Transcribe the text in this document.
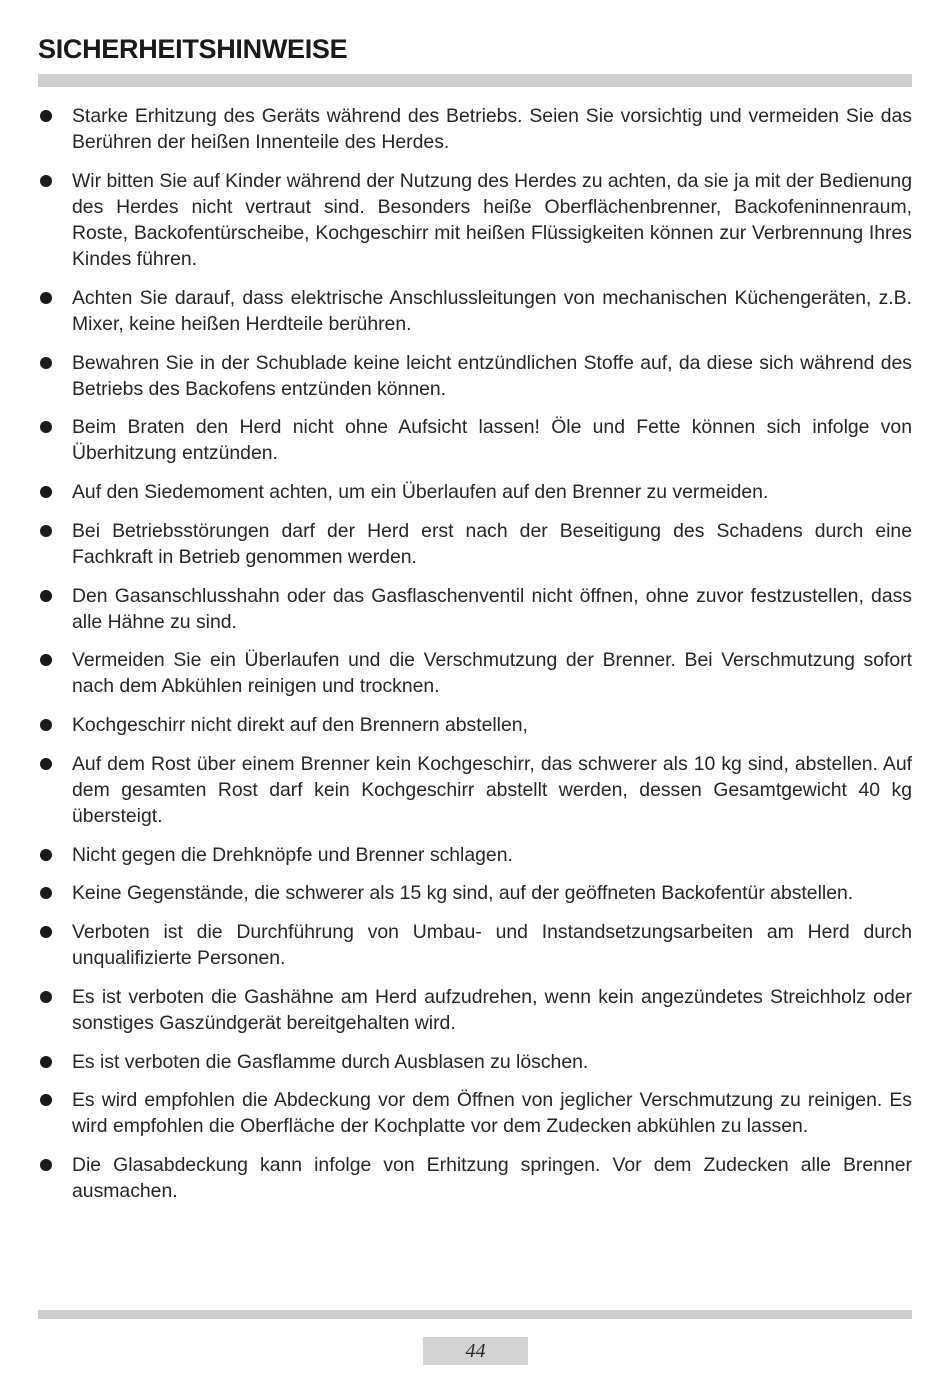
SICHERHEITSHINWEISE
Starke Erhitzung des Geräts während des Betriebs. Seien Sie vorsichtig und vermeiden Sie das Berühren der heißen Innenteile des Herdes.
Wir bitten Sie auf Kinder während der Nutzung des Herdes zu achten, da sie ja mit der Bedienung des Herdes nicht vertraut sind. Besonders heiße Oberflächenbrenner, Backofeninnenraum, Roste, Backofentürscheibe, Kochgeschirr mit heißen Flüssigkeiten können zur Verbrennung Ihres Kindes führen.
Achten Sie darauf, dass elektrische Anschlussleitungen von mechanischen Küchengeräten, z.B. Mixer, keine heißen Herdteile berühren.
Bewahren Sie in der Schublade keine leicht entzündlichen Stoffe auf, da diese sich während des Betriebs des Backofens entzünden können.
Beim Braten den Herd nicht ohne Aufsicht lassen! Öle und Fette können sich infolge von Überhitzung entzünden.
Auf den Siedemoment achten, um ein Überlaufen auf den Brenner zu vermeiden.
Bei Betriebsstörungen darf der Herd erst nach der Beseitigung des Schadens durch eine Fachkraft in Betrieb genommen werden.
Den Gasanschlusshahn oder das Gasflaschenventil nicht öffnen, ohne zuvor festzustellen, dass alle Hähne zu sind.
Vermeiden Sie ein Überlaufen und die Verschmutzung der Brenner. Bei Verschmutzung sofort nach dem Abkühlen reinigen und trocknen.
Kochgeschirr nicht direkt auf den Brennern abstellen,
Auf dem Rost über einem Brenner kein Kochgeschirr, das schwerer als 10 kg sind, abstellen. Auf dem gesamten Rost darf kein Kochgeschirr abstellt werden, dessen Gesamtgewicht 40 kg übersteigt.
Nicht gegen die Drehknöpfe und Brenner schlagen.
Keine Gegenstände, die schwerer als 15 kg sind, auf der geöffneten Backofentür abstellen.
Verboten ist die Durchführung von Umbau- und Instandsetzungsarbeiten am Herd durch unqualifizierte Personen.
Es ist verboten die Gashähne am Herd aufzudrehen, wenn kein angezündetes Streichholz oder sonstiges Gaszündgerät bereitgehalten wird.
Es ist verboten die Gasflamme durch Ausblasen zu löschen.
Es wird empfohlen die Abdeckung vor dem Öffnen von jeglicher Verschmutzung zu reinigen. Es wird empfohlen die Oberfläche der Kochplatte vor dem Zudecken abkühlen zu lassen.
Die Glasabdeckung kann infolge von Erhitzung springen. Vor dem Zudecken alle Brenner ausmachen.
44
